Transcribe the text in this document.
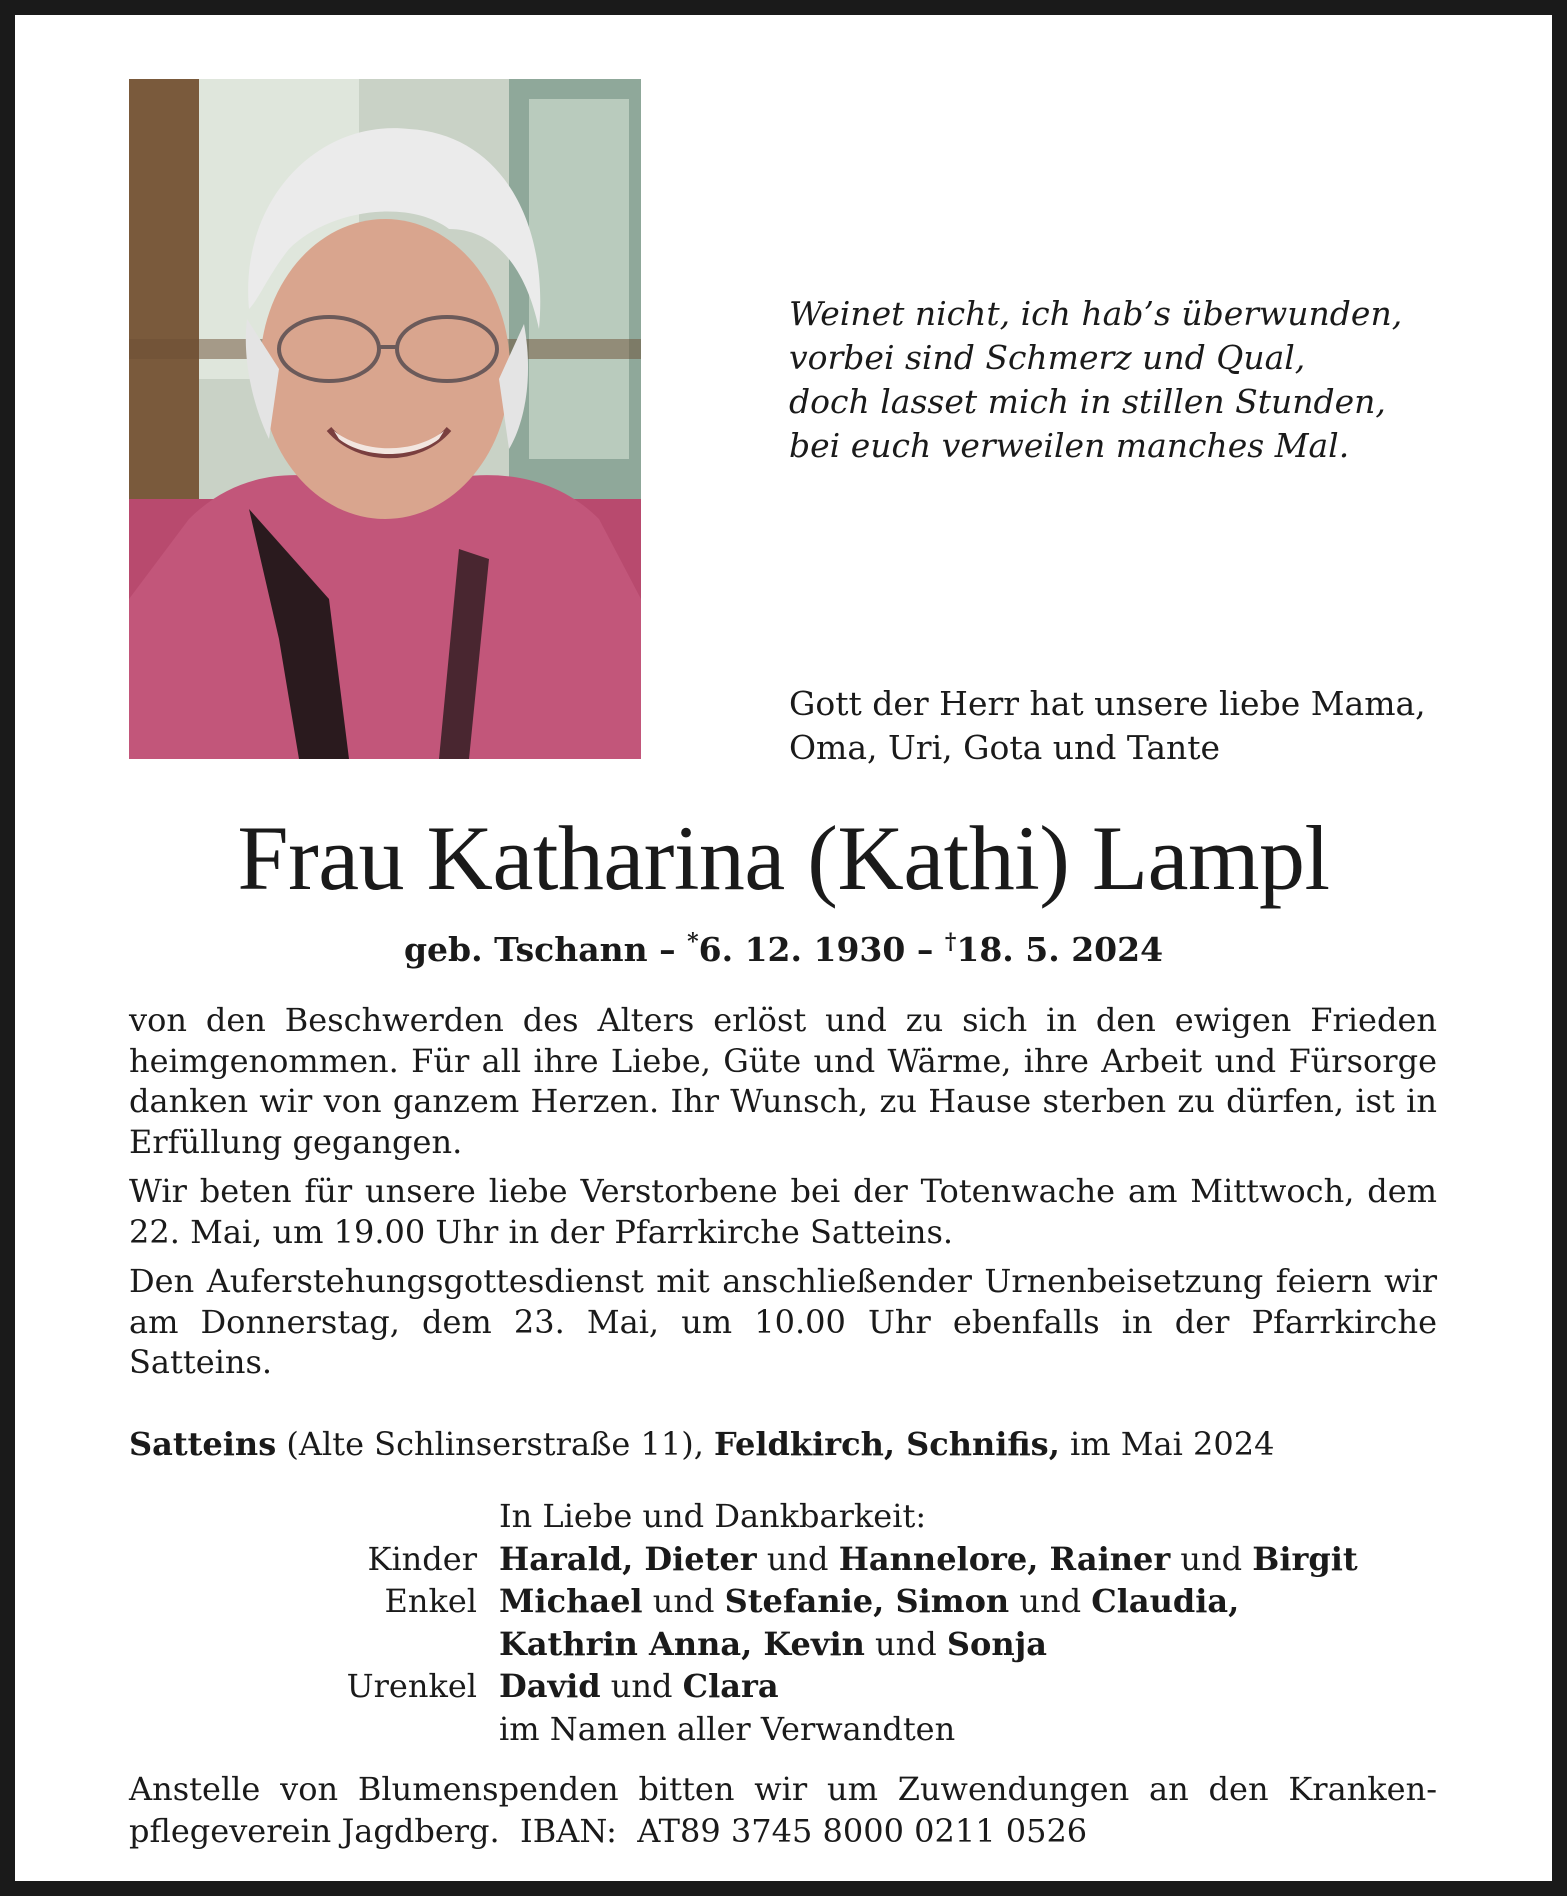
Weinet nicht, ich hab’s überwunden,
vorbei sind Schmerz und Qual,
doch lasset mich in stillen Stunden,
bei euch verweilen manches Mal.
Gott der Herr hat unsere liebe Mama,
Oma, Uri, Gota und Tante
Frau Katharina (Kathi) Lampl
geb. Tschann – *6. 12. 1930 – †18. 5. 2024

von den Beschwerden des Alters erlöst und zu sich in den ewigen Frieden heimgenommen. Für all ihre Liebe, Güte und Wärme, ihre Arbeit und Fürsorge danken wir von ganzem Herzen. Ihr Wunsch, zu Hause sterben zu dürfen, ist in Erfüllung gegangen.

Wir beten für unsere liebe Verstorbene bei der Totenwache am Mittwoch, dem 22. Mai, um 19.00 Uhr in der Pfarrkirche Satteins.

Den Auferstehungsgottesdienst mit anschließender Urnenbeisetzung feiern wir am Donnerstag, dem 23. Mai, um 10.00 Uhr ebenfalls in der Pfarrkirche Satteins.

Satteins (Alte Schlinserstraße 11), Feldkirch, Schnifis, im Mai 2024
In Liebe und Dankbarkeit:
Kinder Harald, Dieter und Hannelore, Rainer und Birgit
Enkel Michael und Stefanie, Simon und Claudia,
Kathrin Anna, Kevin und Sonja
Urenkel David und Clara
im Namen aller Verwandten
Anstelle von Blumenspenden bitten wir um Zuwendungen an den Kranken-
pflegeverein Jagdberg.  IBAN:  AT89 3745 8000 0211 0526
